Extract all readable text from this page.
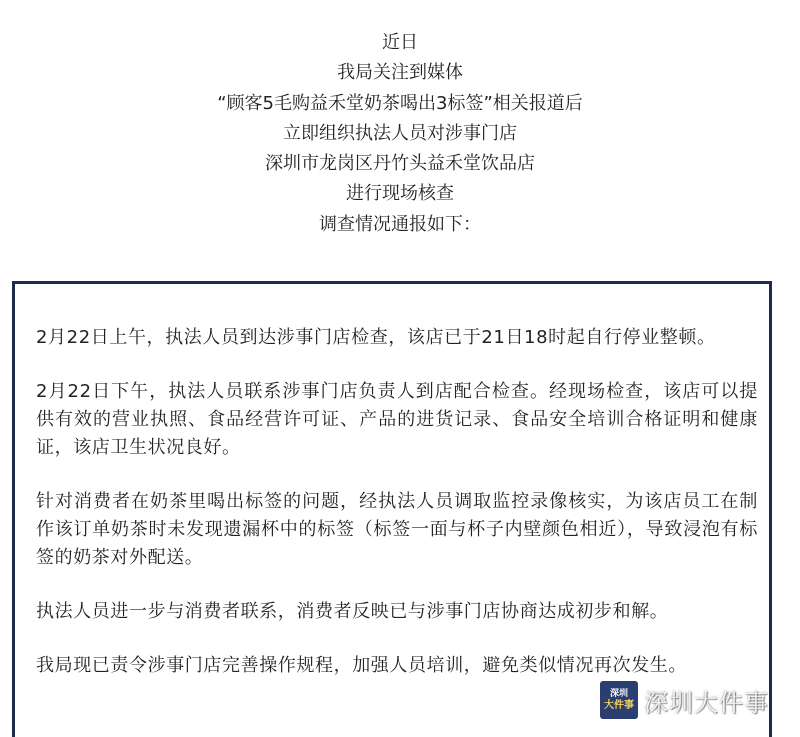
近日
我局关注到媒体
“顾客5毛购益禾堂奶茶喝出3标签”相关报道后
立即组织执法人员对涉事门店
深圳市龙岗区丹竹头益禾堂饮品店
进行现场核查
调查情况通报如下：

2月22日上午，执法人员到达涉事门店检查，该店已于21日18时起自行停业整顿。

2月22日下午，执法人员联系涉事门店负责人到店配合检查。经现场检查，该店可以提供有效的营业执照、食品经营许可证、产品的进货记录、食品安全培训合格证明和健康证，该店卫生状况良好。

针对消费者在奶茶里喝出标签的问题，经执法人员调取监控录像核实，为该店员工在制作该订单奶茶时未发现遗漏杯中的标签（标签一面与杯子内壁颜色相近），导致浸泡有标签的奶茶对外配送。

执法人员进一步与消费者联系，消费者反映已与涉事门店协商达成初步和解。

我局现已责令涉事门店完善操作规程，加强人员培训，避免类似情况再次发生。

深圳
大件事 深圳大件事
